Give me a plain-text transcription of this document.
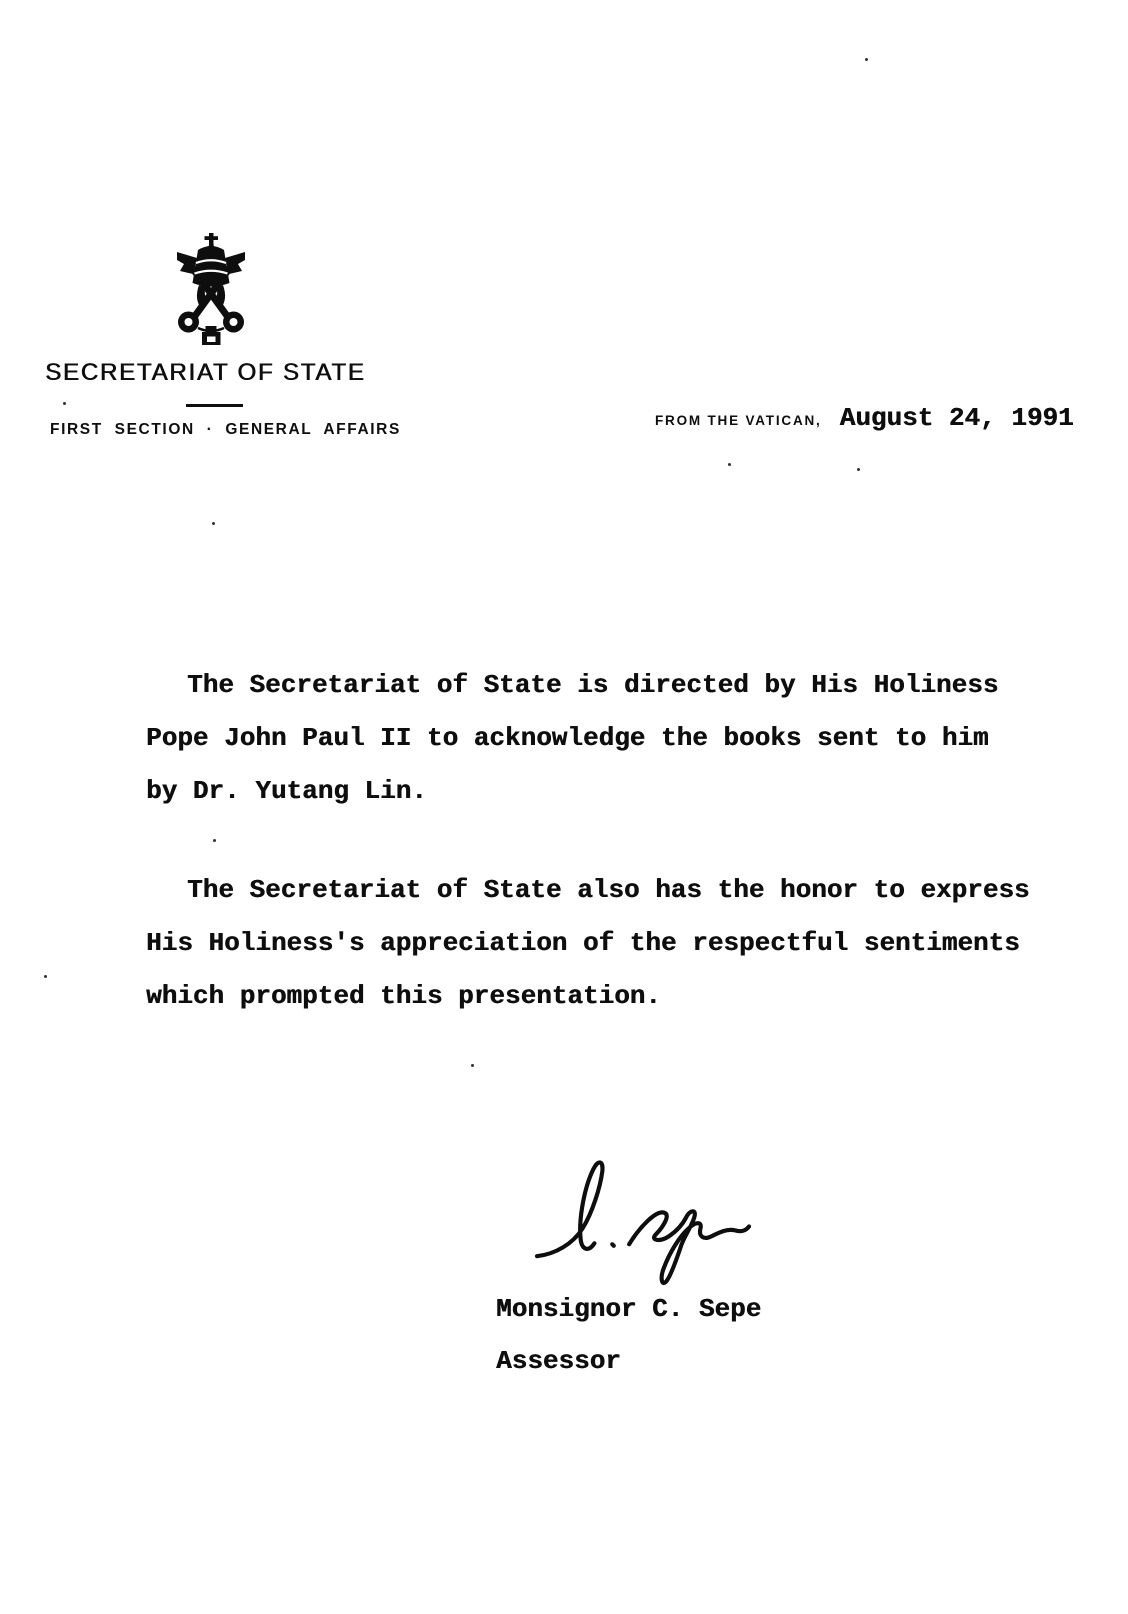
SECRETARIAT OF STATE
FIRST SECTION · GENERAL AFFAIRS
FROM THE VATICAN, August 24, 1991
The Secretariat of State is directed by His Holiness
Pope John Paul II to acknowledge the books sent to him
by Dr. Yutang Lin.
The Secretariat of State also has the honor to express
His Holiness's appreciation of the respectful sentiments
which prompted this presentation.
Monsignor C. Sepe
Assessor
